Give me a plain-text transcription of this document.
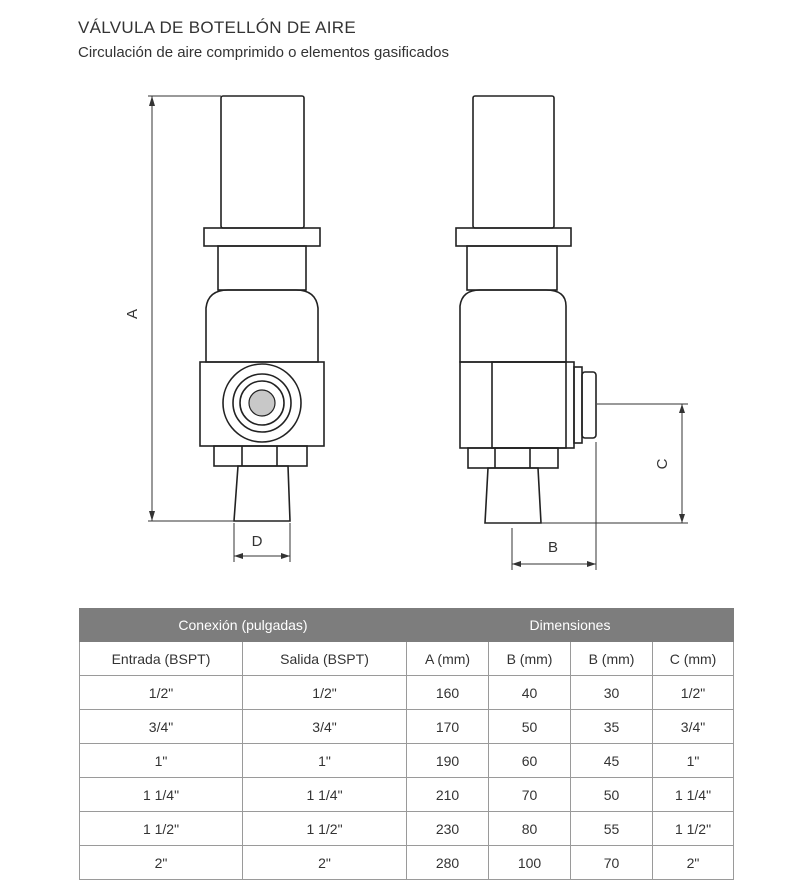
VÁLVULA DE BOTELLÓN DE AIRE
Circulación de aire comprimido o elementos gasificados
A
D	B
C
Conexión (pulgadas)		Dimensiones			
Entrada (BSPT)	Salida (BSPT)	A (mm)	B (mm)	B (mm)	C (mm)
1/2"	1/2"	160	40	30	1/2"
3/4"	3/4"	170	50	35	3/4"
1"	1"	190	60	45	1"
1 1/4"	1 1/4"	210	70	50	1 1/4"
1 1/2"	1 1/2"	230	80	55	1 1/2"
2"	2"	280	100	70	2"
